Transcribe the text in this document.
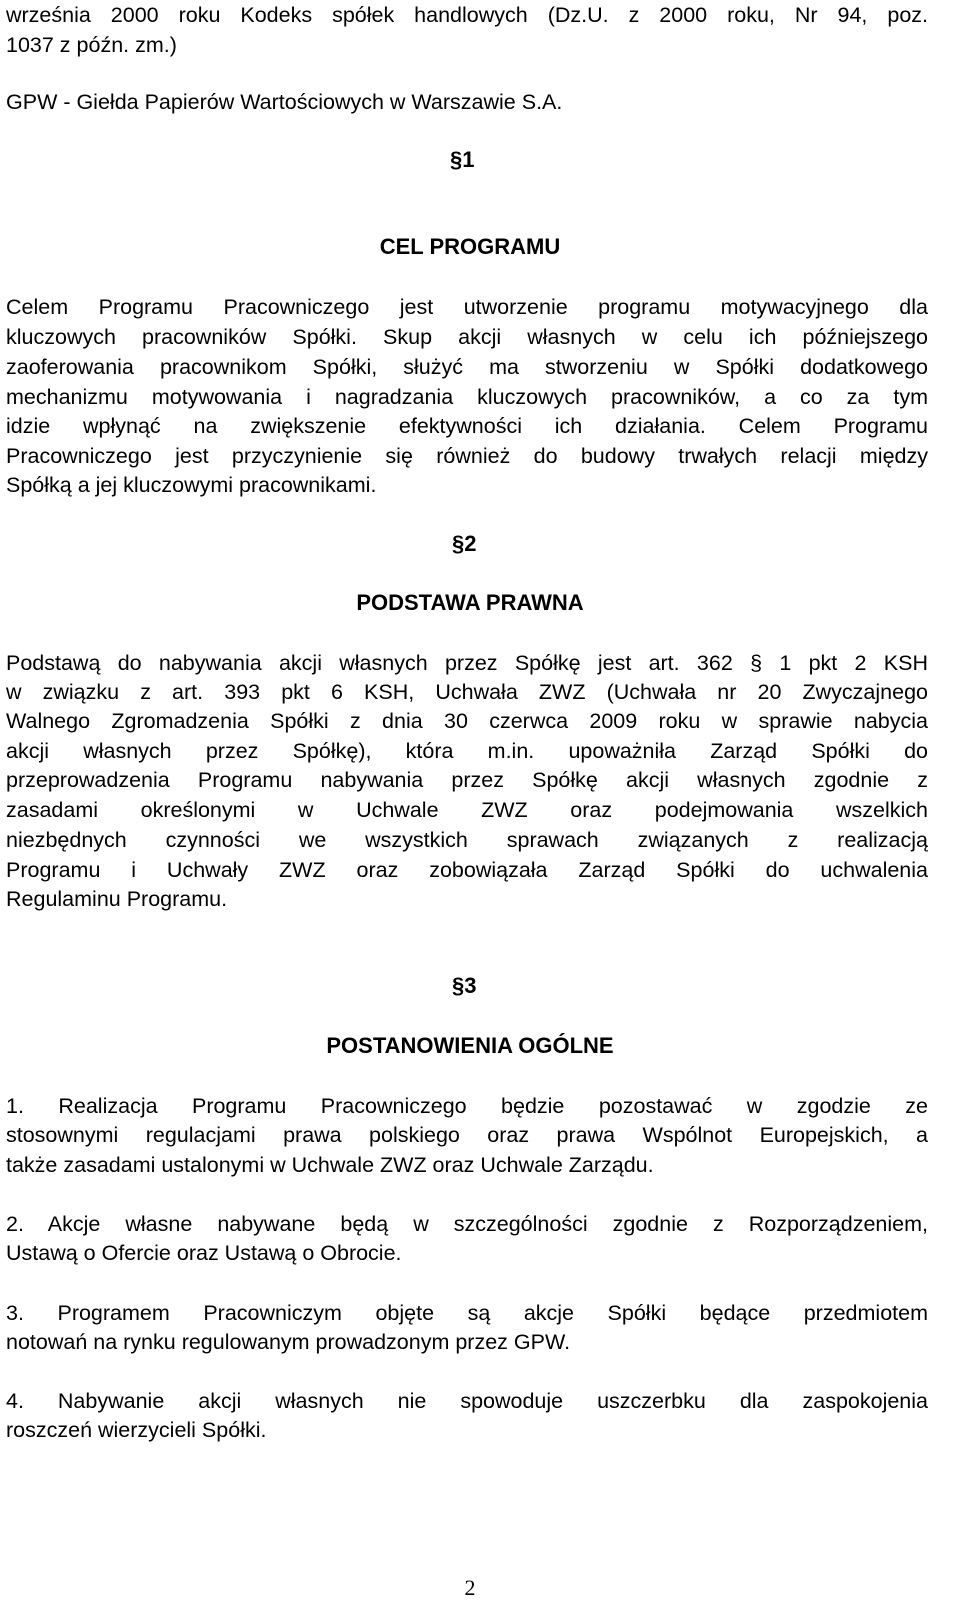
września 2000 roku Kodeks spółek handlowych (Dz.U. z 2000 roku, Nr 94, poz.
1037 z późn. zm.)
GPW - Giełda Papierów Wartościowych w Warszawie S.A.
§1
CEL PROGRAMU
Celem Programu Pracowniczego jest utworzenie programu motywacyjnego dla
kluczowych pracowników Spółki. Skup akcji własnych w celu ich późniejszego
zaoferowania pracownikom Spółki, służyć ma stworzeniu w Spółki dodatkowego
mechanizmu motywowania i nagradzania kluczowych pracowników, a co za tym
idzie wpłynąć na zwiększenie efektywności ich działania. Celem Programu
Pracowniczego jest przyczynienie się również do budowy trwałych relacji między
Spółką a jej kluczowymi pracownikami.
§2
PODSTAWA PRAWNA
Podstawą do nabywania akcji własnych przez Spółkę jest art. 362 § 1 pkt 2 KSH
w związku z art. 393 pkt 6 KSH, Uchwała ZWZ (Uchwała nr 20 Zwyczajnego
Walnego Zgromadzenia Spółki z dnia 30 czerwca 2009 roku w sprawie nabycia
akcji własnych przez Spółkę), która m.in. upoważniła Zarząd Spółki do
przeprowadzenia Programu nabywania przez Spółkę akcji własnych zgodnie z
zasadami określonymi w Uchwale ZWZ oraz podejmowania wszelkich
niezbędnych czynności we wszystkich sprawach związanych z realizacją
Programu i Uchwały ZWZ oraz zobowiązała Zarząd Spółki do uchwalenia
Regulaminu Programu.
§3
POSTANOWIENIA OGÓLNE
1. Realizacja Programu Pracowniczego będzie pozostawać w zgodzie ze
stosownymi regulacjami prawa polskiego oraz prawa Wspólnot Europejskich, a
także zasadami ustalonymi w Uchwale ZWZ oraz Uchwale Zarządu.
2. Akcje własne nabywane będą w szczególności zgodnie z Rozporządzeniem,
Ustawą o Ofercie oraz Ustawą o Obrocie.
3. Programem Pracowniczym objęte są akcje Spółki będące przedmiotem
notowań na rynku regulowanym prowadzonym przez GPW.
4. Nabywanie akcji własnych nie spowoduje uszczerbku dla zaspokojenia
roszczeń wierzycieli Spółki.
2
